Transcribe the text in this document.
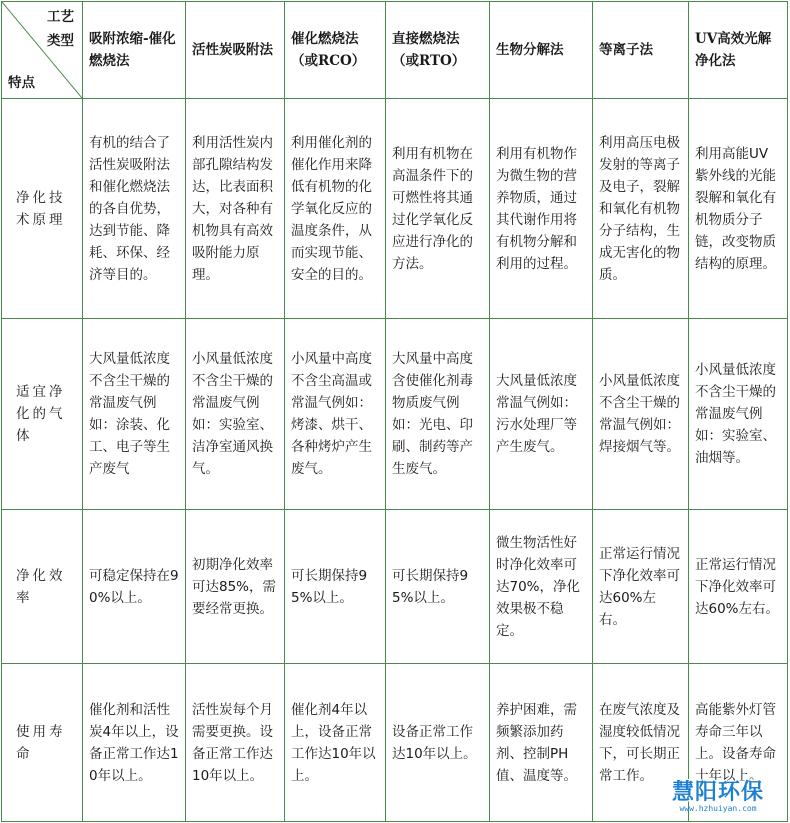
工艺
类型
特点	吸附浓缩-催化燃烧法	活性炭吸附法	催化燃烧法（或RCO）	直接燃烧法（或RTO）	生物分解法	等离子法	UV高效光解净化法
净化技术原理	有机的结合了活性炭吸附法和催化燃烧法的各自优势，达到节能、降耗、环保、经济等目的。	利用活性炭内部孔隙结构发达，比表面积大，对各种有机物具有高效吸附能力原理。	利用催化剂的催化作用来降低有机物的化学氧化反应的温度条件，从而实现节能、安全的目的。	利用有机物在高温条件下的可燃性将其通过化学氧化反应进行净化的方法。	利用有机物作为微生物的营养物质，通过其代谢作用将有机物分解和利用的过程。	利用高压电极发射的等离子及电子，裂解和氧化有机物分子结构，生成无害化的物质。	利用高能UV紫外线的光能裂解和氧化有机物质分子链，改变物质结构的原理。
适宜净化的气体	大风量低浓度不含尘干燥的常温废气例如：涂装、化工、电子等生产废气	小风量低浓度不含尘干燥的常温废气例如：实验室、洁净室通风换气。	小风量中高度不含尘高温或常温气例如：烤漆、烘干、各种烤炉产生废气。	大风量中高度含使催化剂毒物质废气例如：光电、印刷、制药等产生废气。	大风量低浓度常温气例如：污水处理厂等产生废气。	小风量低浓度不含尘干燥的常温气例如：焊接烟气等。	小风量低浓度不含尘干燥的常温废气例如：实验室、油烟等。
净化效率	可稳定保持在90%以上。	初期净化效率可达85%，需要经常更换。	可长期保持95%以上。	可长期保持95%以上。	微生物活性好时净化效率可达70%，净化效果极不稳定。	正常运行情况下净化效率可达60%左右。	正常运行情况下净化效率可达60%左右。
使用寿命	催化剂和活性炭4年以上，设备正常工作达10年以上。	活性炭每个月需要更换。设备正常工作达10年以上。	催化剂4年以上，设备正常工作达10年以上。	设备正常工作达10年以上。	养护困难，需频繁添加药剂、控制PH值、温度等。	在废气浓度及湿度较低情况下，可长期正常工作。	高能紫外灯管寿命三年以上。设备寿命十年以上。
慧阳环保
www.hzhuiyan.com
